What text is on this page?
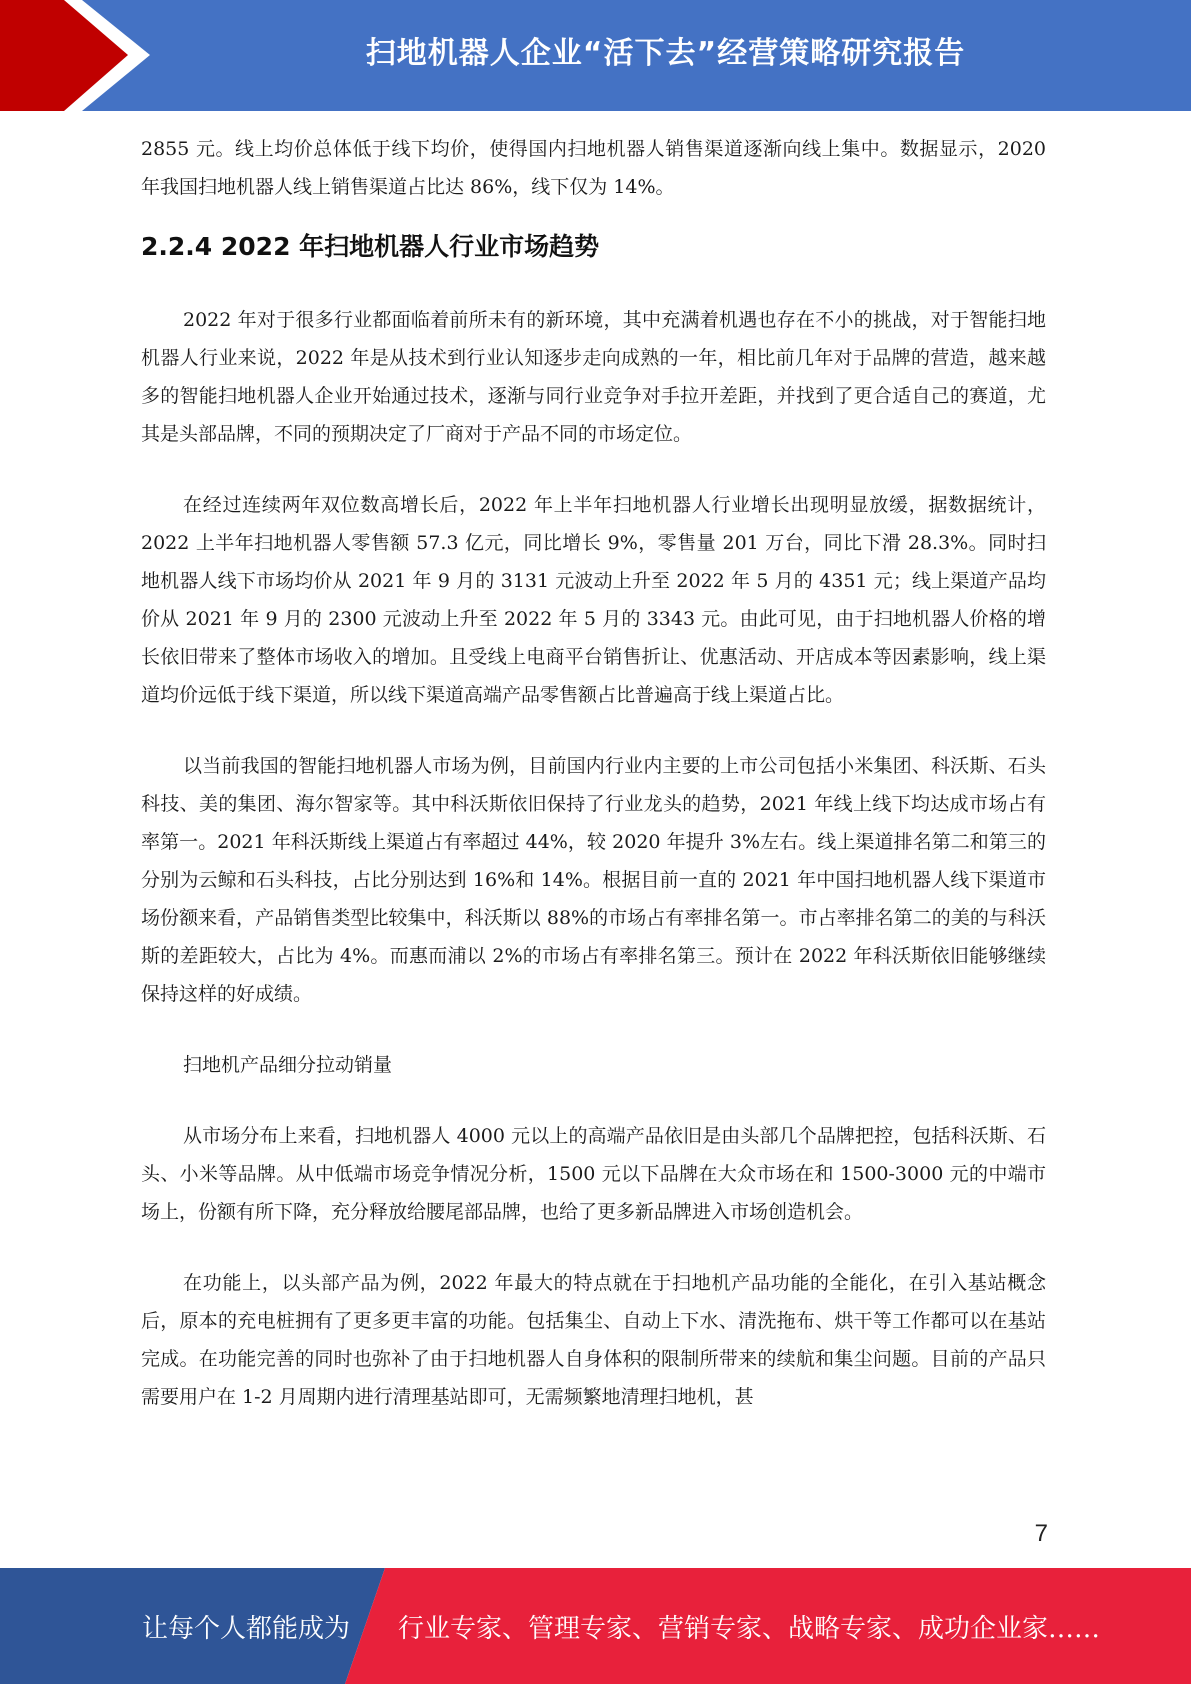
扫地机器人企业“活下去”经营策略研究报告

2855 元。线上均价总体低于线下均价，使得国内扫地机器人销售渠道逐渐向线上集中。数据显示，2020 年我国扫地机器人线上销售渠道占比达 86%，线下仅为 14%。

2.2.4 2022 年扫地机器人行业市场趋势

2022 年对于很多行业都面临着前所未有的新环境，其中充满着机遇也存在不小的挑战，对于智能扫地机器人行业来说，2022 年是从技术到行业认知逐步走向成熟的一年，相比前几年对于品牌的营造，越来越多的智能扫地机器人企业开始通过技术，逐渐与同行业竞争对手拉开差距，并找到了更合适自己的赛道，尤其是头部品牌，不同的预期决定了厂商对于产品不同的市场定位。

在经过连续两年双位数高增长后，2022 年上半年扫地机器人行业增长出现明显放缓，据数据统计，2022 上半年扫地机器人零售额 57.3 亿元，同比增长 9%，零售量 201 万台，同比下滑 28.3%。同时扫地机器人线下市场均价从 2021 年 9 月的 3131 元波动上升至 2022 年 5 月的 4351 元；线上渠道产品均价从 2021 年 9 月的 2300 元波动上升至 2022 年 5 月的 3343 元。由此可见，由于扫地机器人价格的增长依旧带来了整体市场收入的增加。且受线上电商平台销售折让、优惠活动、开店成本等因素影响，线上渠道均价远低于线下渠道，所以线下渠道高端产品零售额占比普遍高于线上渠道占比。

以当前我国的智能扫地机器人市场为例，目前国内行业内主要的上市公司包括小米集团、科沃斯、石头科技、美的集团、海尔智家等。其中科沃斯依旧保持了行业龙头的趋势，2021 年线上线下均达成市场占有率第一。2021 年科沃斯线上渠道占有率超过 44%，较 2020 年提升 3%左右。线上渠道排名第二和第三的分别为云鲸和石头科技，占比分别达到 16%和 14%。根据目前一直的 2021 年中国扫地机器人线下渠道市场份额来看，产品销售类型比较集中，科沃斯以 88%的市场占有率排名第一。市占率排名第二的美的与科沃斯的差距较大，占比为 4%。而惠而浦以 2%的市场占有率排名第三。预计在 2022 年科沃斯依旧能够继续保持这样的好成绩。

扫地机产品细分拉动销量

从市场分布上来看，扫地机器人 4000 元以上的高端产品依旧是由头部几个品牌把控，包括科沃斯、石头、小米等品牌。从中低端市场竞争情况分析，1500 元以下品牌在大众市场在和 1500-3000 元的中端市场上，份额有所下降，充分释放给腰尾部品牌，也给了更多新品牌进入市场创造机会。

在功能上，以头部产品为例，2022 年最大的特点就在于扫地机产品功能的全能化，在引入基站概念后，原本的充电桩拥有了更多更丰富的功能。包括集尘、自动上下水、清洗拖布、烘干等工作都可以在基站完成。在功能完善的同时也弥补了由于扫地机器人自身体积的限制所带来的续航和集尘问题。目前的产品只需要用户在 1-2 月周期内进行清理基站即可，无需频繁地清理扫地机，甚

7
让每个人都能成为 行业专家、管理专家、营销专家、战略专家、成功企业家……
